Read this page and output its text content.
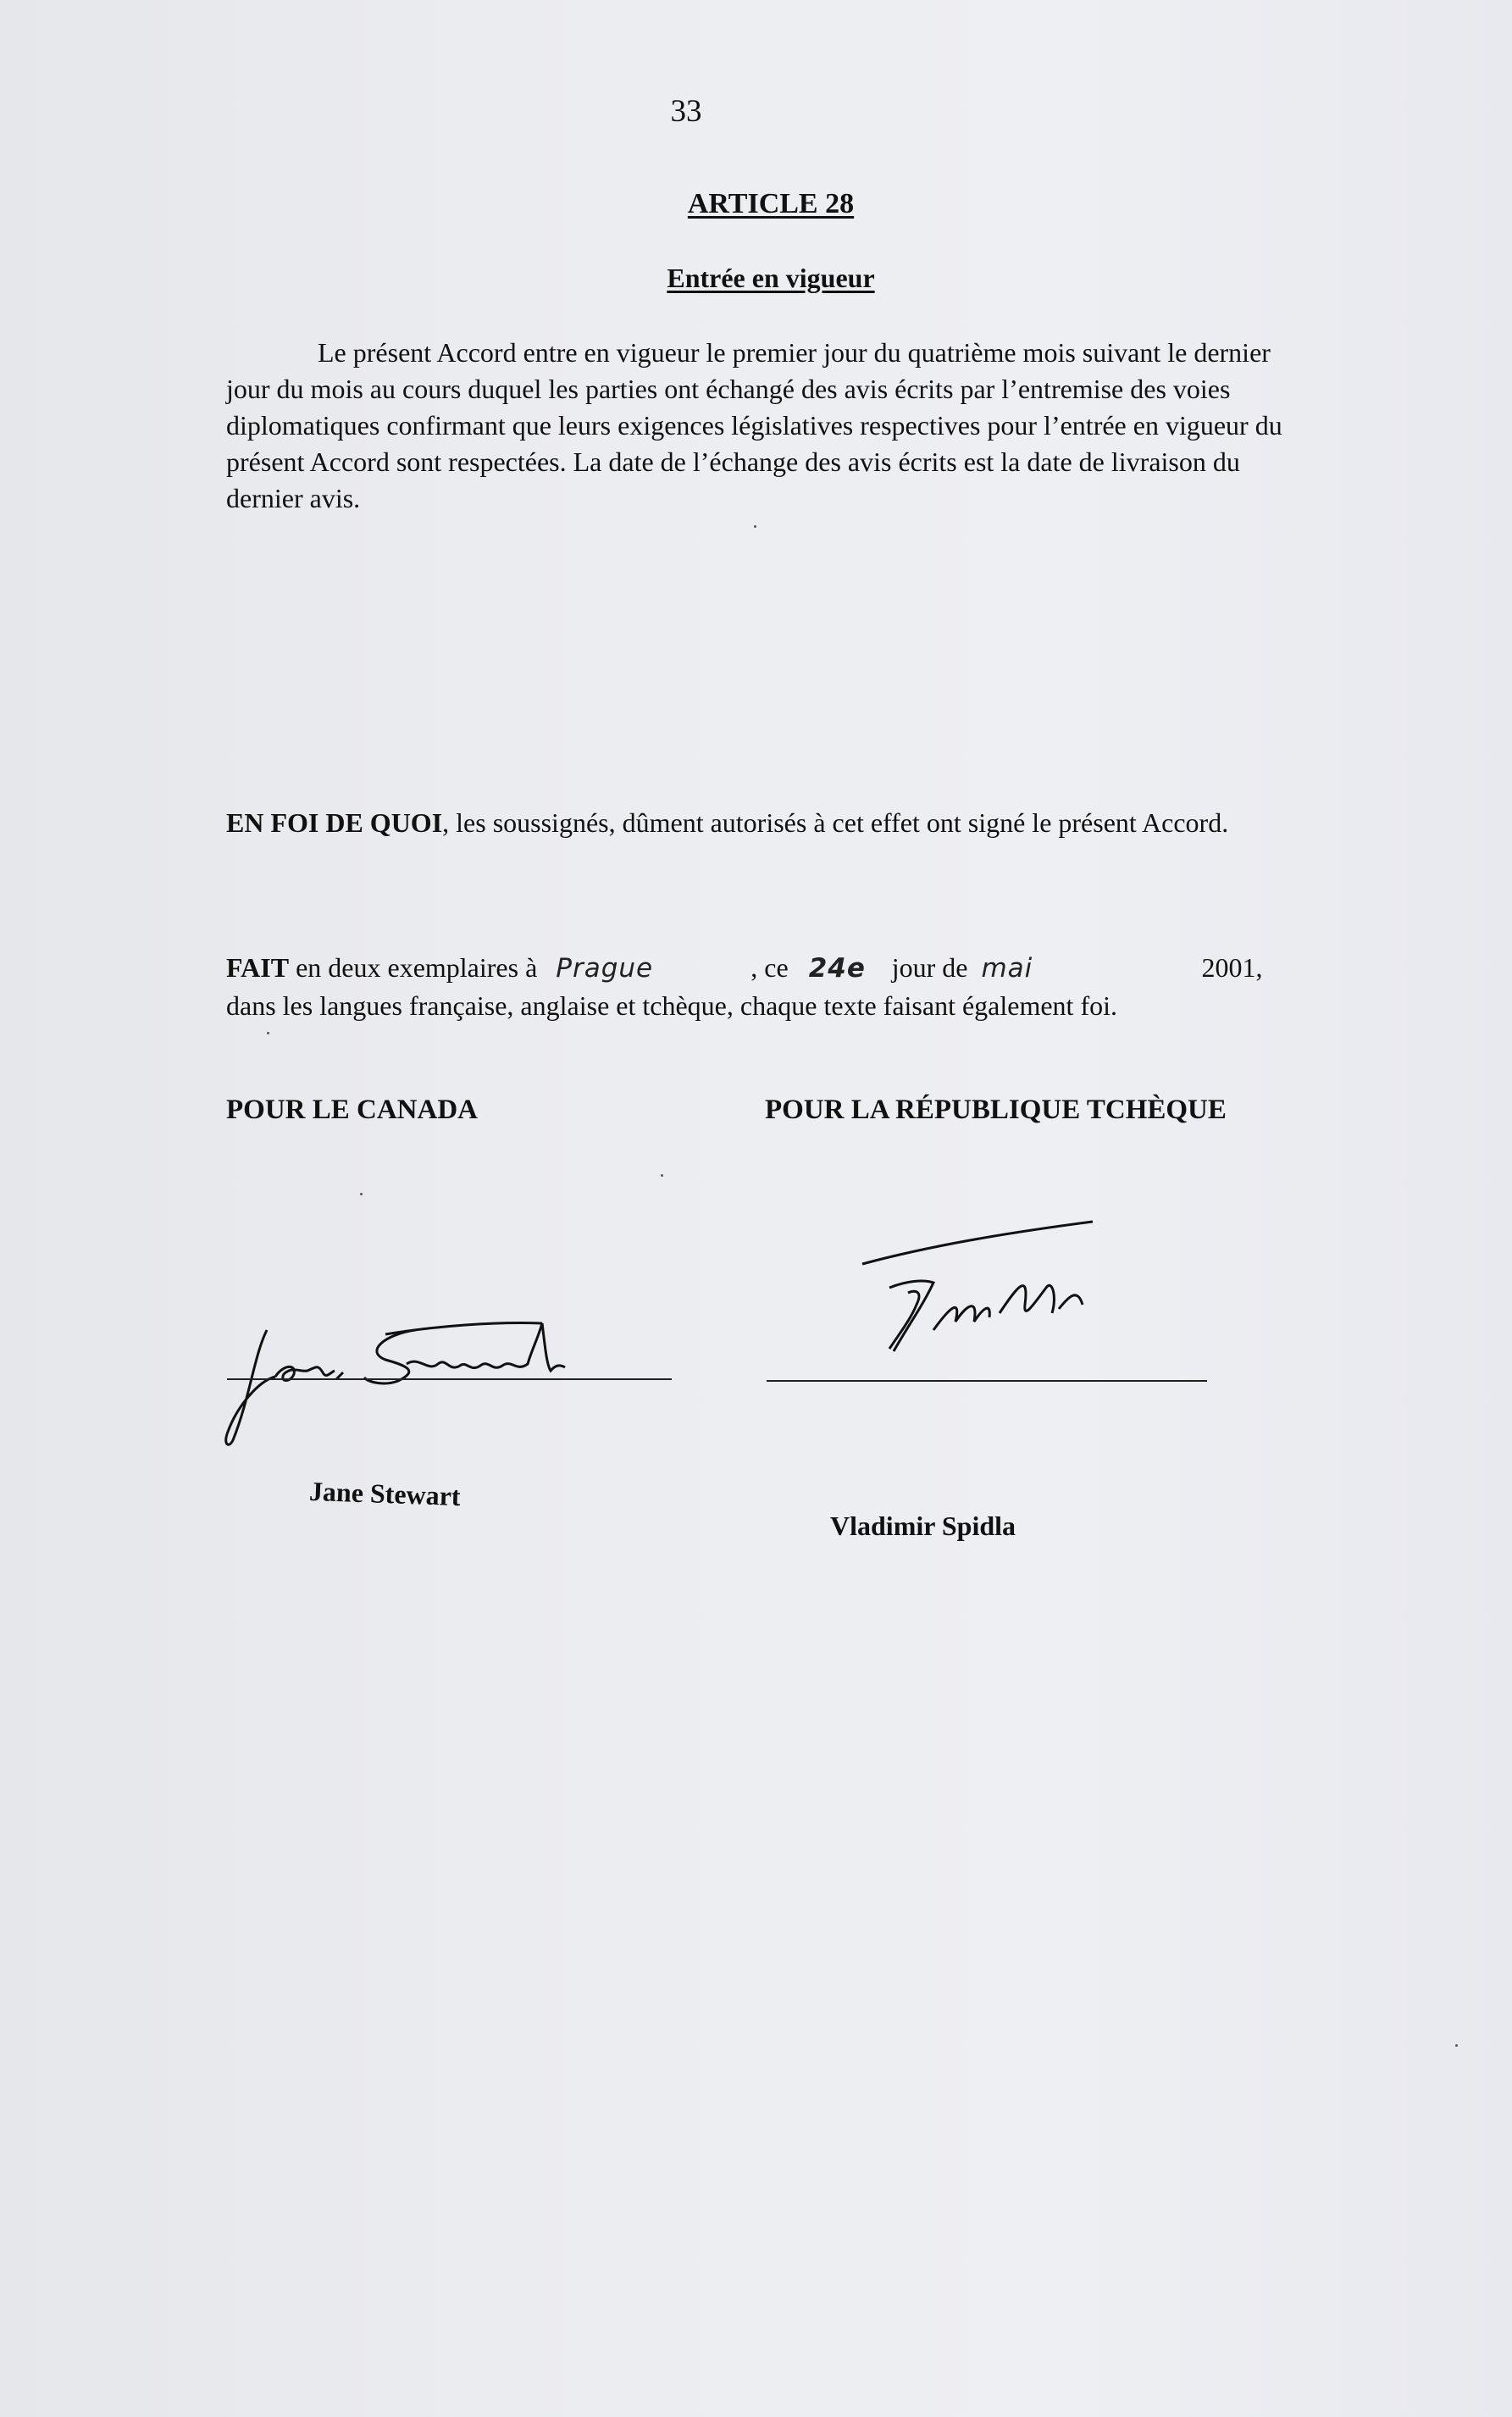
33
ARTICLE 28
Entrée en vigueur

Le présent Accord entre en vigueur le premier jour du quatrième mois suivant le dernier jour du mois au cours duquel les parties ont échangé des avis écrits par l’entremise des voies diplomatiques confirmant que leurs exigences législatives respectives pour l’entrée en vigueur du présent Accord sont respectées. La date de l’échange des avis écrits est la date de livraison du dernier avis.

EN FOI DE QUOI, les soussignés, dûment autorisés à cet effet ont signé le présent Accord.

FAIT en deux exemplaires à Prague	, ce 24e jour de mai	2001,
dans les langues française, anglaise et tchèque, chaque texte faisant également foi.

POUR LE CANADA	POUR LA RÉPUBLIQUE TCHÈQUE
Jane Stewart
Vladimir Spidla
